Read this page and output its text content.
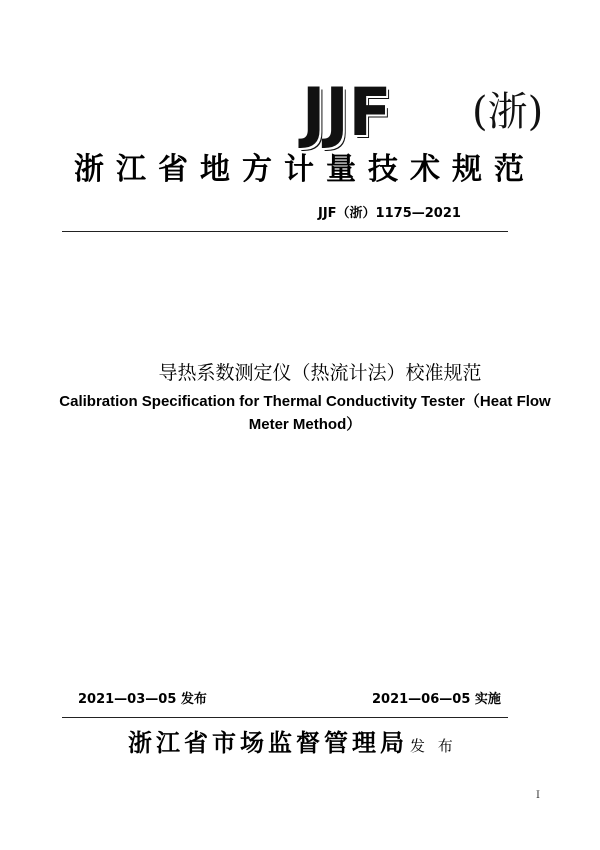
JJF (浙)
浙江省地方计量技术规范
JJF（浙）1175—2021
导热系数测定仪（热流计法）校准规范
Calibration Specification for Thermal Conductivity Tester（Heat Flow
Meter Method）
2021—03—05 发布	2021—06—05 实施
浙江省市场监督管理局 发 布
I
